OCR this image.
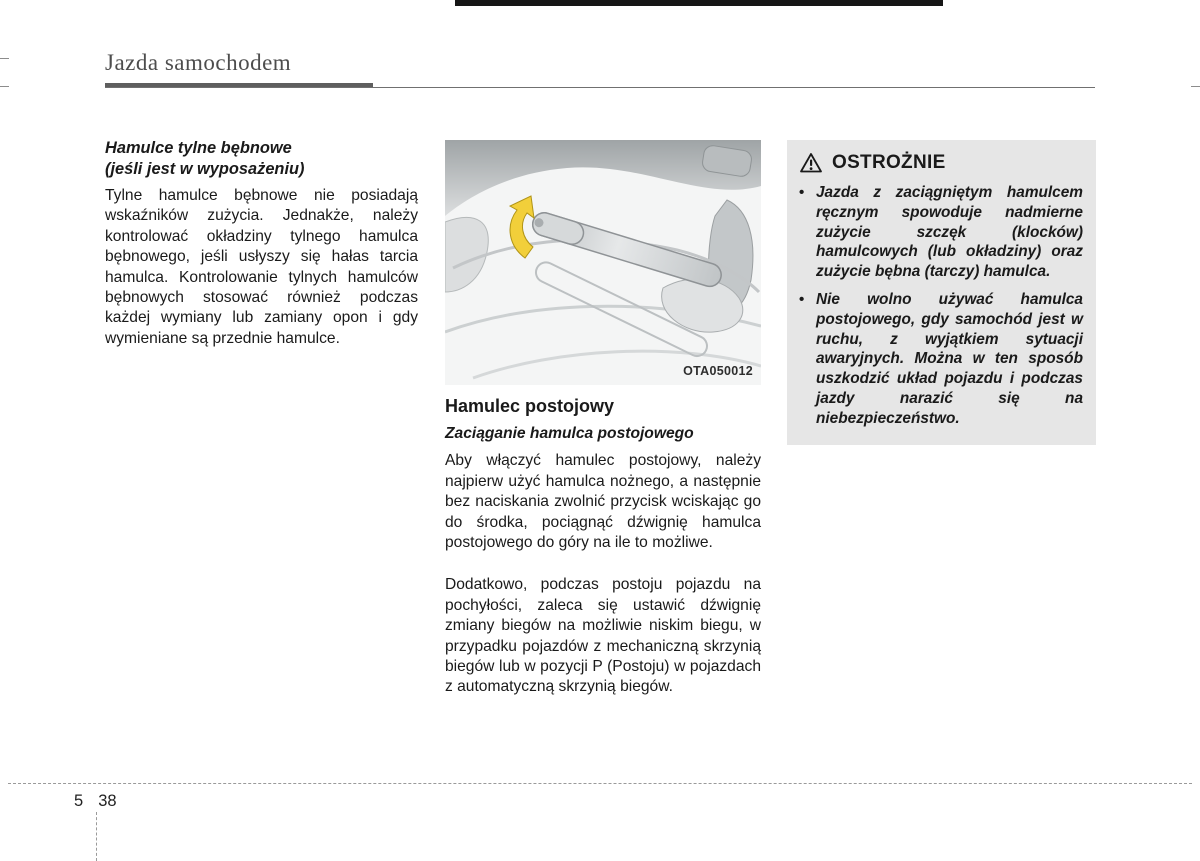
Jazda samochodem
Hamulce tylne bębnowe
(jeśli jest w wyposażeniu)
Tylne hamulce bębnowe nie posiadają wskaźników zużycia. Jednakże, należy kontrolować okładziny tylnego hamulca bębnowego, jeśli usłyszy się hałas tarcia hamulca. Kontrolowanie tylnych hamulców bębnowych stosować również podczas każdej wymiany lub zamiany opon i gdy wymieniane są przednie hamulce.
OTA050012
Hamulec postojowy
Zaciąganie hamulca postojowego
Aby włączyć hamulec postojowy, należy najpierw użyć hamulca nożnego, a następnie bez naciskania zwolnić przycisk wciskając go do środka, pociągnąć dźwignię hamulca postojowego do góry na ile to możliwe.
Dodatkowo, podczas postoju pojazdu na pochyłości, zaleca się ustawić dźwignię zmiany biegów na możliwie niskim biegu, w przypadku pojazdów z mechaniczną skrzynią biegów lub w pozycji P (Postoju) w pojazdach z automatyczną skrzynią biegów.
OSTROŻNIE
• Jazda z zaciągniętym hamulcem ręcznym spowoduje nadmierne zużycie szczęk (klocków) hamulcowych (lub okładziny) oraz zużycie bębna (tarczy) hamulca.
• Nie wolno używać hamulca postojowego, gdy samochód jest w ruchu, z wyjątkiem sytuacji awaryjnych. Można w ten sposób uszkodzić układ pojazdu i podczas jazdy narazić się na niebezpieczeństwo.
5 38
